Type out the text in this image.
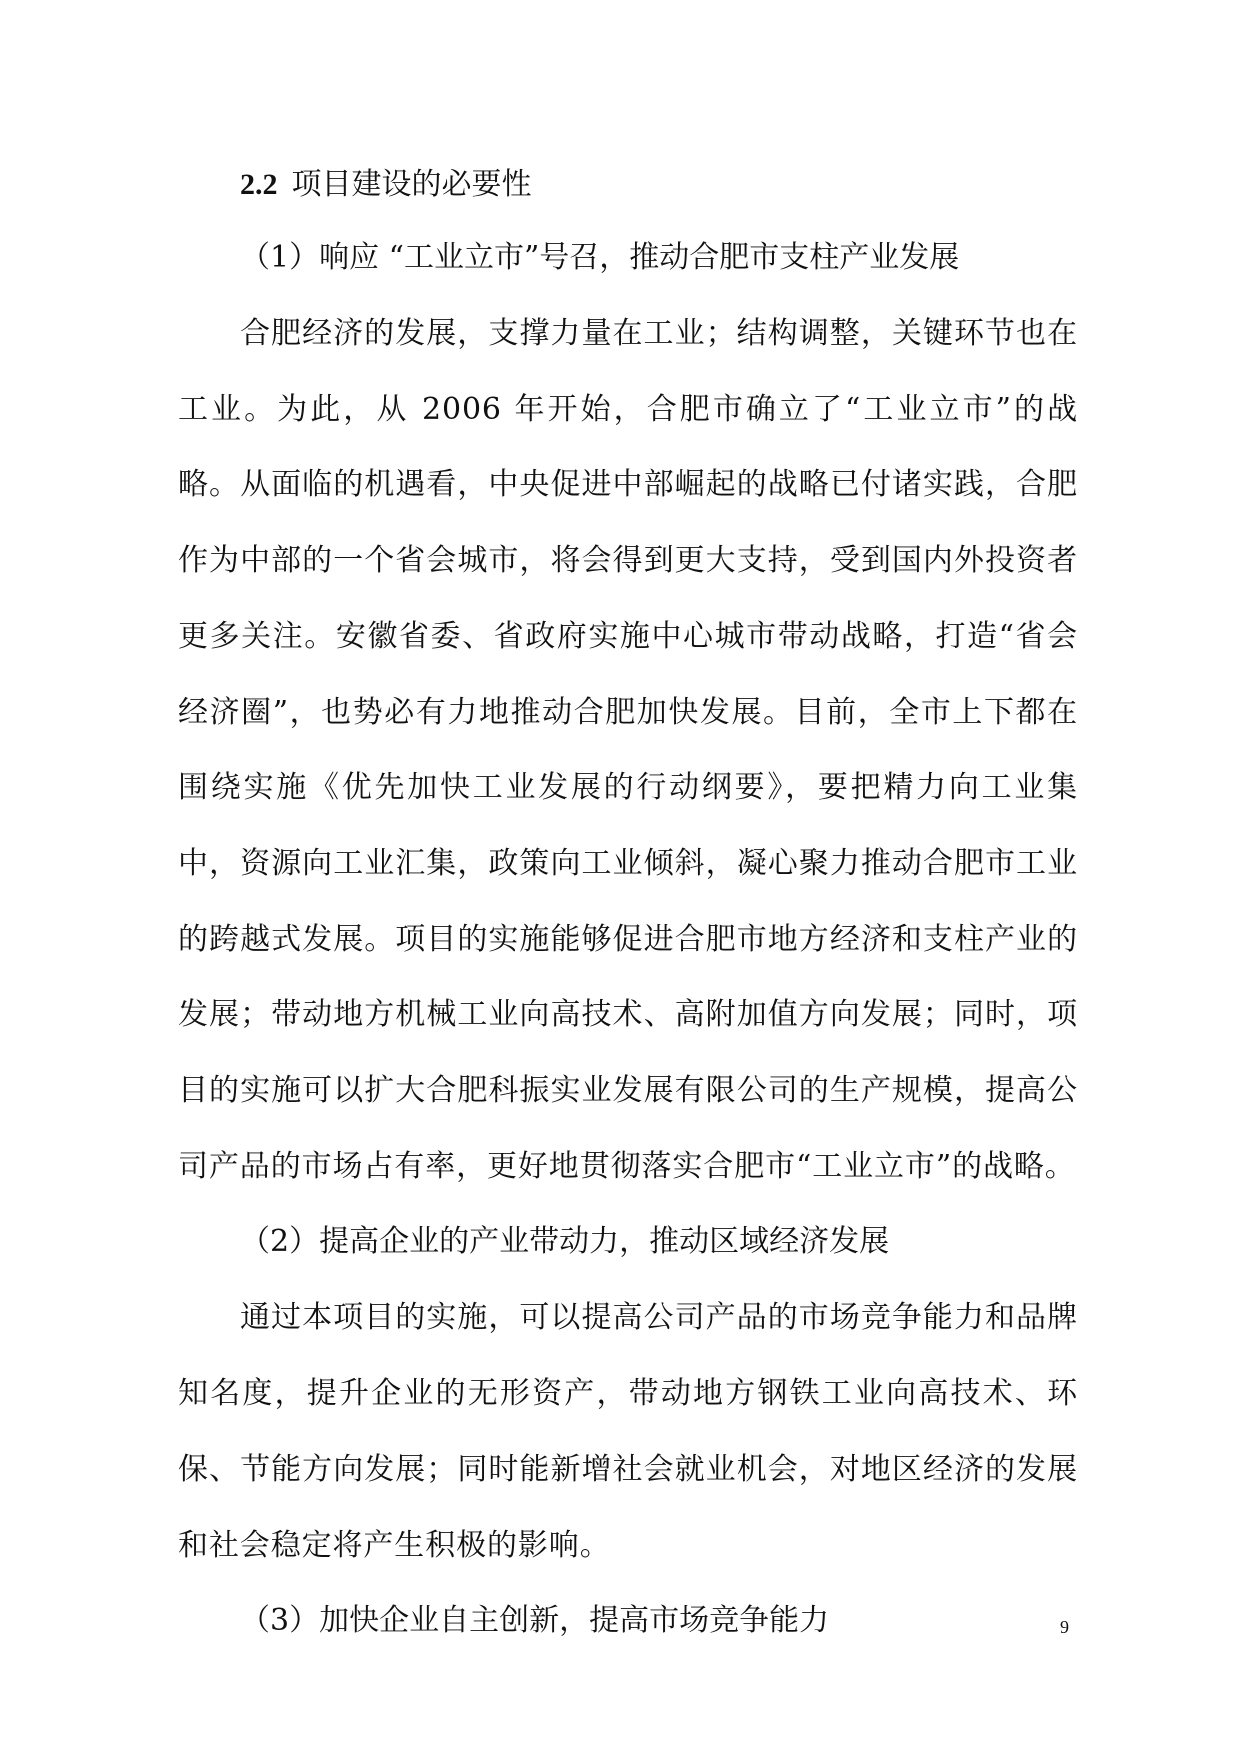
2.2 项目建设的必要性

（1）响应 “工业立市”号召，推动合肥市支柱产业发展

合肥经济的发展，支撑力量在工业；结构调整，关键环节也在工业。为此，从 2006 年开始，合肥市确立了“工业立市”的战略。从面临的机遇看，中央促进中部崛起的战略已付诸实践，合肥作为中部的一个省会城市，将会得到更大支持，受到国内外投资者更多关注。安徽省委、省政府实施中心城市带动战略，打造“省会经济圈”，也势必有力地推动合肥加快发展。目前，全市上下都在围绕实施《优先加快工业发展的行动纲要》，要把精力向工业集中，资源向工业汇集，政策向工业倾斜，凝心聚力推动合肥市工业的跨越式发展。项目的实施能够促进合肥市地方经济和支柱产业的发展；带动地方机械工业向高技术、高附加值方向发展；同时，项目的实施可以扩大合肥科振实业发展有限公司的生产规模，提高公司产品的市场占有率，更好地贯彻落实合肥市“工业立市”的战略。

（2）提高企业的产业带动力，推动区域经济发展

通过本项目的实施，可以提高公司产品的市场竞争能力和品牌知名度，提升企业的无形资产，带动地方钢铁工业向高技术、环保、节能方向发展；同时能新增社会就业机会，对地区经济的发展和社会稳定将产生积极的影响。

（3）加快企业自主创新，提高市场竞争能力	9
